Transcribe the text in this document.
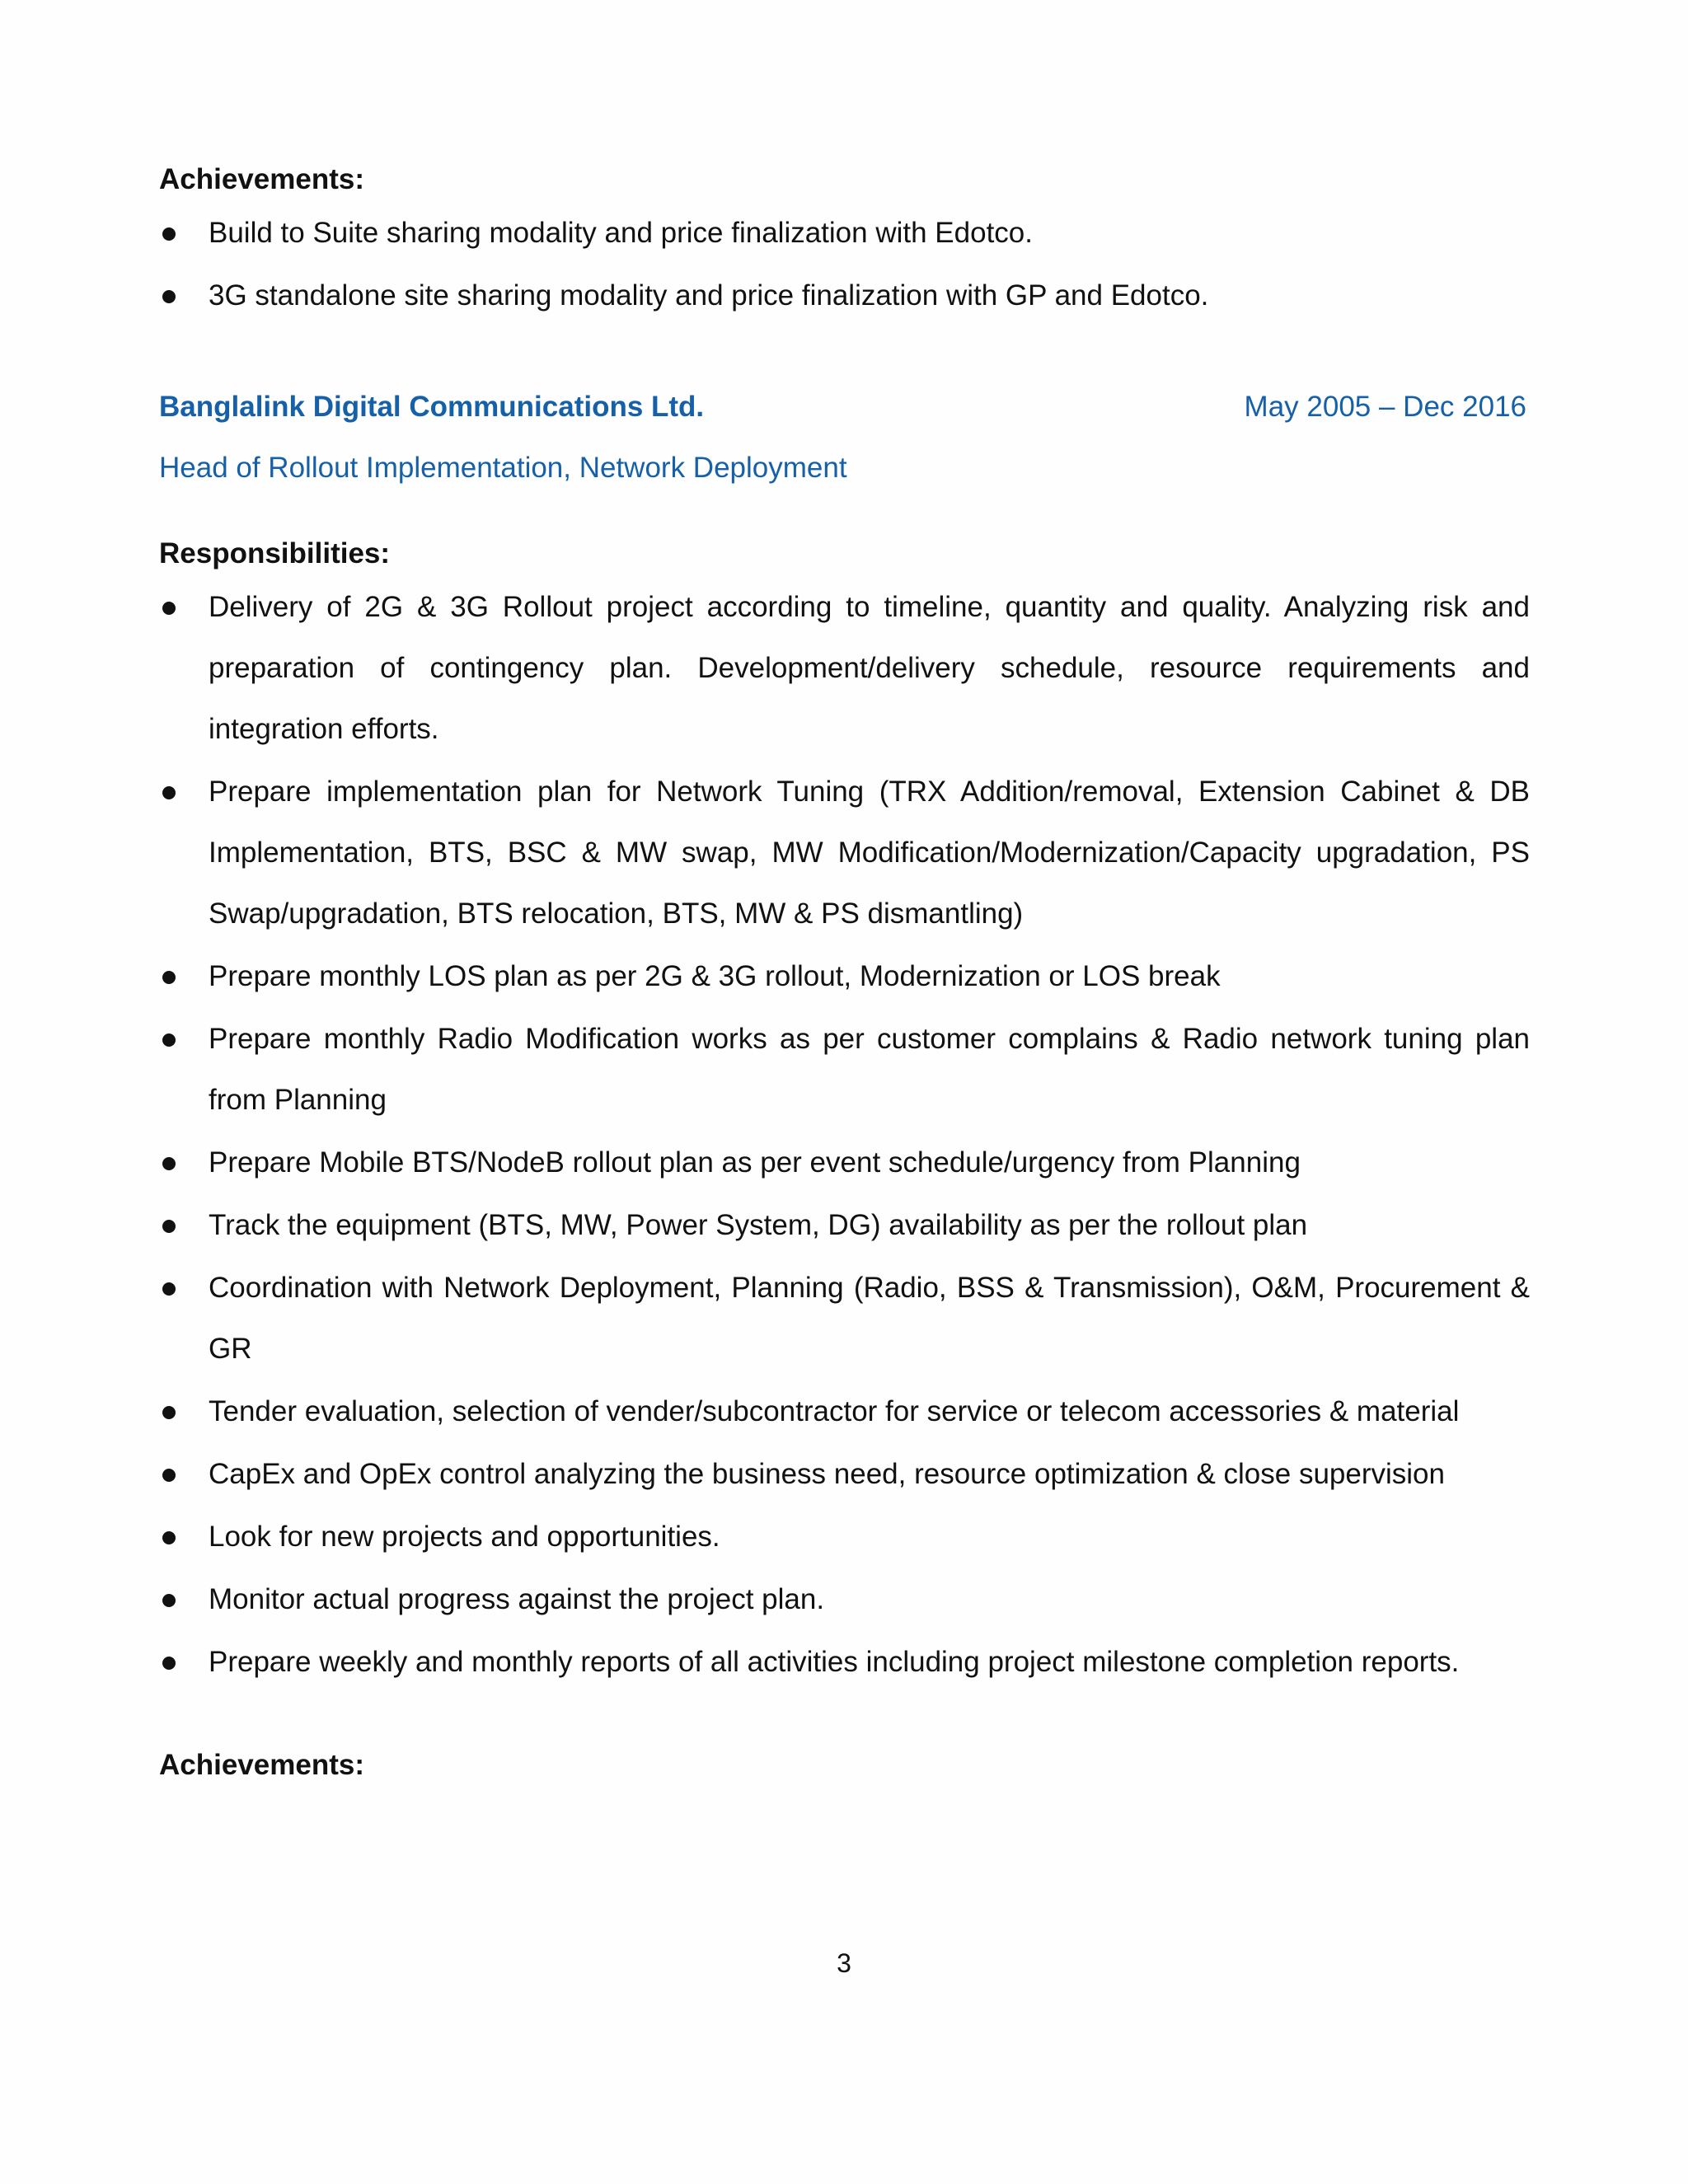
Achievements:

Build to Suite sharing modality and price finalization with Edotco.
3G standalone site sharing modality and price finalization with GP and Edotco.
Banglalink Digital Communications Ltd.	May 2005 – Dec 2016
Head of Rollout Implementation, Network Deployment

Responsibilities:

Delivery of 2G & 3G Rollout project according to timeline, quantity and quality. Analyzing risk and preparation of contingency plan. Development/delivery schedule, resource requirements and integration efforts.
Prepare implementation plan for Network Tuning (TRX Addition/removal, Extension Cabinet & DB Implementation, BTS, BSC & MW swap, MW Modification/Modernization/Capacity upgradation, PS Swap/upgradation, BTS relocation, BTS, MW & PS dismantling)
Prepare monthly LOS plan as per 2G & 3G rollout, Modernization or LOS break
Prepare monthly Radio Modification works as per customer complains & Radio network tuning plan from Planning
Prepare Mobile BTS/NodeB rollout plan as per event schedule/urgency from Planning
Track the equipment (BTS, MW, Power System, DG) availability as per the rollout plan
Coordination with Network Deployment, Planning (Radio, BSS & Transmission), O&M, Procurement & GR
Tender evaluation, selection of vender/subcontractor for service or telecom accessories & material
CapEx and OpEx control analyzing the business need, resource optimization & close supervision
Look for new projects and opportunities.
Monitor actual progress against the project plan.
Prepare weekly and monthly reports of all activities including project milestone completion reports.

Achievements:

3
